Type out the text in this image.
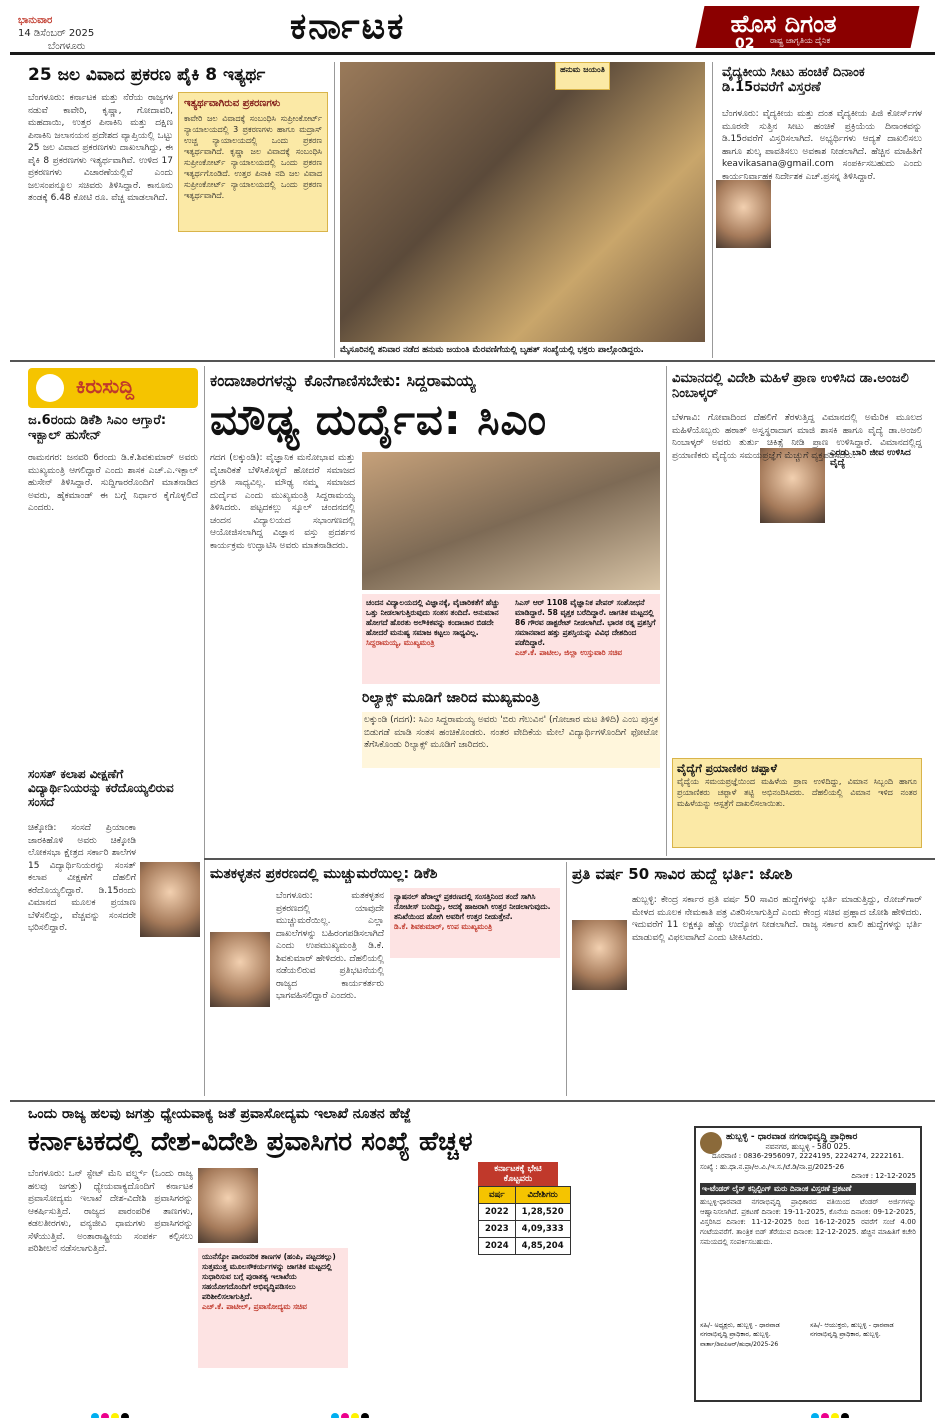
ಭಾನುವಾರ
14 ಡಿಸೆಂಬರ್ 2025
ಬೆಂಗಳೂರು	ಕರ್ನಾಟಕ	ಹೊಸ ದಿಗಂತ
02 ರಾಷ್ಟ್ರ ಜಾಗೃತಿಯ ದೈನಿಕ
25 ಜಲ ವಿವಾದ ಪ್ರಕರಣ ಪೈಕಿ 8 ಇತ್ಯರ್ಥ
ಇತ್ಯರ್ಥವಾಗಿರುವ ಪ್ರಕರಣಗಳು
ಕಾವೇರಿ ಜಲ ವಿವಾದಕ್ಕೆ ಸಂಬಂಧಿಸಿ ಸುಪ್ರೀಂಕೋರ್ಟ್ ನ್ಯಾಯಾಲಯದಲ್ಲಿ 3 ಪ್ರಕರಣಗಳು ಹಾಗೂ ಮದ್ರಾಸ್ ಉಚ್ಚ ನ್ಯಾಯಾಲಯದಲ್ಲಿ ಒಂದು ಪ್ರಕರಣ ಇತ್ಯರ್ಥವಾಗಿದೆ. ಕೃಷ್ಣಾ ಜಲ ವಿವಾದಕ್ಕೆ ಸಂಬಂಧಿಸಿ ಸುಪ್ರೀಂಕೋರ್ಟ್ ನ್ಯಾಯಾಲಯದಲ್ಲಿ ಒಂದು ಪ್ರಕರಣ ಇತ್ಯರ್ಥಗೊಂಡಿದೆ. ಉತ್ತರ ಪಿನಾಕಿ ನದಿ ಜಲ ವಿವಾದ ಸುಪ್ರೀಂಕೋರ್ಟ್ ನ್ಯಾಯಾಲಯದಲ್ಲಿ ಒಂದು ಪ್ರಕರಣ ಇತ್ಯರ್ಥವಾಗಿದೆ.
ಬೆಂಗಳೂರು: ಕರ್ನಾಟಕ ಮತ್ತು ನೆರೆಯ ರಾಜ್ಯಗಳ ನಡುವೆ ಕಾವೇರಿ, ಕೃಷ್ಣಾ, ಗೋದಾವರಿ, ಮಹದಾಯಿ, ಉತ್ತರ ಪಿನಾಕಿನಿ ಮತ್ತು ದಕ್ಷಿಣ ಪಿನಾಕಿನಿ ಜಲಾನಯನ ಪ್ರದೇಶದ ವ್ಯಾಪ್ತಿಯಲ್ಲಿ ಒಟ್ಟು 25 ಜಲ ವಿವಾದ ಪ್ರಕರಣಗಳು ದಾಖಲಾಗಿದ್ದು, ಈ ಪೈಕಿ 8 ಪ್ರಕರಣಗಳು ಇತ್ಯರ್ಥವಾಗಿವೆ. ಉಳಿದ 17 ಪ್ರಕರಣಗಳು ವಿಚಾರಣೆಯಲ್ಲಿವೆ ಎಂದು ಜಲಸಂಪನ್ಮೂಲ ಸಚಿವರು ತಿಳಿಸಿದ್ದಾರೆ. ಕಾನೂನು ತಂಡಕ್ಕೆ 6.48 ಕೋಟಿ ರೂ. ವೆಚ್ಚ ಮಾಡಲಾಗಿದೆ.
ಹನುಮ ಜಯಂತಿ
ಮೈಸೂರಿನಲ್ಲಿ ಶನಿವಾರ ನಡೆದ ಹನುಮ ಜಯಂತಿ ಮೆರವಣಿಗೆಯಲ್ಲಿ ಬೃಹತ್ ಸಂಖ್ಯೆಯಲ್ಲಿ ಭಕ್ತರು ಪಾಲ್ಗೊಂಡಿದ್ದರು.
ವೈದ್ಯಕೀಯ ಸೀಟು ಹಂಚಿಕೆ ದಿನಾಂಕ ಡಿ.15ರವರೆಗೆ ವಿಸ್ತರಣೆ
ಬೆಂಗಳೂರು: ವೈದ್ಯಕೀಯ ಮತ್ತು ದಂತ ವೈದ್ಯಕೀಯ ಪಿಜಿ ಕೋರ್ಸ್‌ಗಳ ಮೂರನೇ ಸುತ್ತಿನ ಸೀಟು ಹಂಚಿಕೆ ಪ್ರಕ್ರಿಯೆಯ ದಿನಾಂಕವನ್ನು ಡಿ.15ರವರೆಗೆ ವಿಸ್ತರಿಸಲಾಗಿದೆ. ಅಭ್ಯರ್ಥಿಗಳು ಆದ್ಯತೆ ದಾಖಲಿಸಲು ಹಾಗೂ ಶುಲ್ಕ ಪಾವತಿಸಲು ಅವಕಾಶ ನೀಡಲಾಗಿದೆ. ಹೆಚ್ಚಿನ ಮಾಹಿತಿಗೆ keavikasana@gmail.com ಸಂಪರ್ಕಿಸಬಹುದು ಎಂದು ಕಾರ್ಯನಿರ್ವಾಹಕ ನಿರ್ದೇಶಕ ಎಚ್.ಪ್ರಸನ್ನ ತಿಳಿಸಿದ್ದಾರೆ.
ಕಿರುಸುದ್ದಿ
ಜ.6ರಂದು ಡಿಕೆಶಿ ಸಿಎಂ ಆಗ್ತಾರೆ: ಇಕ್ಬಾಲ್ ಹುಸೇನ್
ರಾಮನಗರ: ಜನವರಿ 6ರಂದು ಡಿ.ಕೆ.ಶಿವಕುಮಾರ್ ಅವರು ಮುಖ್ಯಮಂತ್ರಿ ಆಗಲಿದ್ದಾರೆ ಎಂದು ಶಾಸಕ ಎಚ್.ಎ.ಇಕ್ಬಾಲ್ ಹುಸೇನ್ ತಿಳಿಸಿದ್ದಾರೆ. ಸುದ್ದಿಗಾರರೊಂದಿಗೆ ಮಾತನಾಡಿದ ಅವರು, ಹೈಕಮಾಂಡ್ ಈ ಬಗ್ಗೆ ನಿರ್ಧಾರ ಕೈಗೊಳ್ಳಲಿದೆ ಎಂದರು.
ಸಂಸತ್ ಕಲಾಪ ವೀಕ್ಷಣೆಗೆ ವಿದ್ಯಾರ್ಥಿನಿಯರನ್ನು ಕರೆದೊಯ್ಯಲಿರುವ ಸಂಸದೆ
ಚಿಕ್ಕೋಡಿ: ಸಂಸದೆ ಪ್ರಿಯಾಂಕಾ ಜಾರಕಿಹೊಳಿ ಅವರು ಚಿಕ್ಕೋಡಿ ಲೋಕಸಭಾ ಕ್ಷೇತ್ರದ ಸರ್ಕಾರಿ ಶಾಲೆಗಳ 15 ವಿದ್ಯಾರ್ಥಿನಿಯರನ್ನು ಸಂಸತ್ ಕಲಾಪ ವೀಕ್ಷಣೆಗೆ ದೆಹಲಿಗೆ ಕರೆದೊಯ್ಯಲಿದ್ದಾರೆ. ಡಿ.15ರಂದು ವಿಮಾನದ ಮೂಲಕ ಪ್ರಯಾಣ ಬೆಳೆಸಲಿದ್ದು, ವೆಚ್ಚವನ್ನು ಸಂಸದರೇ ಭರಿಸಲಿದ್ದಾರೆ.
ಕಂದಾಚಾರಗಳನ್ನು ಕೊನೆಗಾಣಿಸಬೇಕು: ಸಿದ್ದರಾಮಯ್ಯ
ಮೌಢ್ಯ ದುರ್ದೈವ: ಸಿಎಂ
ಗದಗ (ಲಕ್ಕುಂಡಿ): ವೈಜ್ಞಾನಿಕ ಮನೋಭಾವ ಮತ್ತು ವೈಚಾರಿಕತೆ ಬೆಳೆಸಿಕೊಳ್ಳದೆ ಹೋದರೆ ಸಮಾಜದ ಪ್ರಗತಿ ಸಾಧ್ಯವಿಲ್ಲ. ಮೌಢ್ಯ ನಮ್ಮ ಸಮಾಜದ ದುರ್ದೈವ ಎಂದು ಮುಖ್ಯಮಂತ್ರಿ ಸಿದ್ದರಾಮಯ್ಯ ತಿಳಿಸಿದರು. ಪಟ್ಟದಕಲ್ಲು ಸ್ಕೂಲ್ ಚಂದನದಲ್ಲಿ ಚಂದನ ವಿದ್ಯಾಲಯದ ಸಭಾಂಗಣದಲ್ಲಿ ಆಯೋಜಿಸಲಾಗಿದ್ದ ವಿಜ್ಞಾನ ವಸ್ತು ಪ್ರದರ್ಶನ ಕಾರ್ಯಕ್ರಮ ಉದ್ಘಾಟಿಸಿ ಅವರು ಮಾತನಾಡಿದರು.
ಚಂದನ ವಿದ್ಯಾಲಯದಲ್ಲಿ ವಿಜ್ಞಾನಕ್ಕೆ, ವೈಚಾರಿಕತೆಗೆ ಹೆಚ್ಚು ಒತ್ತು ನೀಡಲಾಗುತ್ತಿರುವುದು ಸಂತಸ ತಂದಿದೆ. ಅನುಮಾನ ಹೋಗದೆ ಹೊರತು ಅಲೌಕಿಕವನ್ನು ಕಂದಾಚಾರ ಬಿಡದೇ ಹೋದರೆ ಮನುಷ್ಯ ಸಮಾಜ ಕಟ್ಟಲು ಸಾಧ್ಯವಿಲ್ಲ.
ಸಿದ್ದರಾಮಯ್ಯ, ಮುಖ್ಯಮಂತ್ರಿ
ಸಿಎಸ್ ಆರ್ 1108 ವೈಜ್ಞಾನಿಕ ಪೇಪರ್ ಸಂಶೋಧನೆ ಮಾಡಿದ್ದಾರೆ. 58 ವೃತ್ತಕ ಬರೆದಿದ್ದಾರೆ. ಜಾಗತಿಕ ಮಟ್ಟದಲ್ಲಿ 86 ಗೌರವ ಡಾಕ್ಟರೇಟ್ ನೀಡಲಾಗಿದೆ. ಭಾರತ ರತ್ನ ಪ್ರಶಸ್ತಿಗೆ ಸಮಾನವಾದ ಹತ್ತು ಪ್ರಶಸ್ತಿಯನ್ನು ವಿವಿಧ ದೇಶದಿಂದ ಪಡೆದಿದ್ದಾರೆ.
ಎಚ್.ಕೆ. ಪಾಟೀಲ, ಜಿಲ್ಲಾ ಉಸ್ತುವಾರಿ ಸಚಿವ
ರಿಲ್ಯಾಕ್ಸ್ ಮೂಡಿಗೆ ಜಾರಿದ ಮುಖ್ಯಮಂತ್ರಿ
ಲಕ್ಕುಂಡಿ (ಗದಗ): ಸಿಎಂ ಸಿದ್ದರಾಮಯ್ಯ ಅವರು 'ಬಿರು ಗೆಲುವಿನ' (ಗೋಚಾರ ಮಟ ತಿಳಿದಿ) ಎಂಬ ಪುಸ್ತಕ ಬಿಡುಗಡೆ ಮಾಡಿ ಸಂತಸ ಹಂಚಿಕೊಂಡರು. ನಂತರ ವೇದಿಕೆಯ ಮೇಲೆ ವಿದ್ಯಾರ್ಥಿಗಳೊಂದಿಗೆ ಫೋಟೋ ತೆಗೆಸಿಕೊಂಡು ರಿಲ್ಯಾಕ್ಸ್ ಮೂಡಿಗೆ ಜಾರಿದರು.
ವಿಮಾನದಲ್ಲಿ ವಿದೇಶಿ ಮಹಿಳೆ ಪ್ರಾಣ ಉಳಿಸಿದ ಡಾ.ಅಂಜಲಿ ನಿಂಬಾಳ್ಕರ್
ಎರಡು ಬಾರಿ ಜೀವ ಉಳಿಸಿದ ವೈದ್ಯೆ
ಬೆಳಗಾವಿ: ಗೋವಾದಿಂದ ದೆಹಲಿಗೆ ತೆರಳುತ್ತಿದ್ದ ವಿಮಾನದಲ್ಲಿ ಅಮೆರಿಕ ಮೂಲದ ಮಹಿಳೆಯೊಬ್ಬರು ಹಠಾತ್ ಅಸ್ವಸ್ಥರಾದಾಗ ಮಾಜಿ ಶಾಸಕಿ ಹಾಗೂ ವೈದ್ಯೆ ಡಾ.ಅಂಜಲಿ ನಿಂಬಾಳ್ಕರ್ ಅವರು ತುರ್ತು ಚಿಕಿತ್ಸೆ ನೀಡಿ ಪ್ರಾಣ ಉಳಿಸಿದ್ದಾರೆ. ವಿಮಾನದಲ್ಲಿದ್ದ ಪ್ರಯಾಣಿಕರು ವೈದ್ಯೆಯ ಸಮಯಪ್ರಜ್ಞೆಗೆ ಮೆಚ್ಚುಗೆ ವ್ಯಕ್ತಪಡಿಸಿದರು.
ವೈದ್ಯೆಗೆ ಪ್ರಯಾಣಿಕರ ಚಪ್ಪಾಳೆ
ವೈದ್ಯೆಯ ಸಮಯಪ್ರಜ್ಞೆಯಿಂದ ಮಹಿಳೆಯ ಪ್ರಾಣ ಉಳಿದಿದ್ದು, ವಿಮಾನ ಸಿಬ್ಬಂದಿ ಹಾಗೂ ಪ್ರಯಾಣಿಕರು ಚಪ್ಪಾಳೆ ತಟ್ಟಿ ಅಭಿನಂದಿಸಿದರು. ದೆಹಲಿಯಲ್ಲಿ ವಿಮಾನ ಇಳಿದ ನಂತರ ಮಹಿಳೆಯನ್ನು ಆಸ್ಪತ್ರೆಗೆ ದಾಖಲಿಸಲಾಯಿತು.
ಮತಕಳ್ಳತನ ಪ್ರಕರಣದಲ್ಲಿ ಮುಚ್ಚುಮರೆಯಿಲ್ಲ: ಡಿಕೆಶಿ
ನ್ಯಾಷನಲ್ ಹೆರಾಲ್ಡ್ ಪ್ರಕರಣದಲ್ಲಿ ಸಂಸತ್ತಿನಿಂದ ತಂದೆ ಸಾಗಿಸಿ ನೋಟೀಸ್ ಬಂದಿದ್ದು, ಅದಕ್ಕೆ ಹಾಜರಾಗಿ ಉತ್ತರ ನೀಡಲಾಗುವುದು. ತನಿಖೆಯಿಂದ ಹೋಗಿ ಅವರಿಗೆ ಉತ್ತರ ನೀಡುತ್ತೇನೆ.
ಡಿ.ಕೆ. ಶಿವಕುಮಾರ್, ಉಪ ಮುಖ್ಯಮಂತ್ರಿ
ಬೆಂಗಳೂರು: ಮತಕಳ್ಳತನ ಪ್ರಕರಣದಲ್ಲಿ ಯಾವುದೇ ಮುಚ್ಚುಮರೆಯಿಲ್ಲ. ಎಲ್ಲಾ ದಾಖಲೆಗಳನ್ನು ಬಹಿರಂಗಪಡಿಸಲಾಗಿದೆ ಎಂದು ಉಪಮುಖ್ಯಮಂತ್ರಿ ಡಿ.ಕೆ. ಶಿವಕುಮಾರ್ ಹೇಳಿದರು. ದೆಹಲಿಯಲ್ಲಿ ನಡೆಯಲಿರುವ ಪ್ರತಿಭಟನೆಯಲ್ಲಿ ರಾಜ್ಯದ ಕಾರ್ಯಕರ್ತರು ಭಾಗವಹಿಸಲಿದ್ದಾರೆ ಎಂದರು.
ಪ್ರತಿ ವರ್ಷ 50 ಸಾವಿರ ಹುದ್ದೆ ಭರ್ತಿ: ಜೋಶಿ
ಹುಬ್ಬಳ್ಳಿ: ಕೇಂದ್ರ ಸರ್ಕಾರ ಪ್ರತಿ ವರ್ಷ 50 ಸಾವಿರ ಹುದ್ದೆಗಳನ್ನು ಭರ್ತಿ ಮಾಡುತ್ತಿದ್ದು, ರೋಜ್‌ಗಾರ್ ಮೇಳದ ಮೂಲಕ ನೇಮಕಾತಿ ಪತ್ರ ವಿತರಿಸಲಾಗುತ್ತಿದೆ ಎಂದು ಕೇಂದ್ರ ಸಚಿವ ಪ್ರಹ್ಲಾದ ಜೋಶಿ ಹೇಳಿದರು. ಇದುವರೆಗೆ 11 ಲಕ್ಷಕ್ಕೂ ಹೆಚ್ಚು ಉದ್ಯೋಗ ನೀಡಲಾಗಿದೆ. ರಾಜ್ಯ ಸರ್ಕಾರ ಖಾಲಿ ಹುದ್ದೆಗಳನ್ನು ಭರ್ತಿ ಮಾಡುವಲ್ಲಿ ವಿಫಲವಾಗಿದೆ ಎಂದು ಟೀಕಿಸಿದರು.
ಒಂದು ರಾಜ್ಯ ಹಲವು ಜಗತ್ತು ಧ್ಯೇಯವಾಕ್ಯ ಜತೆ ಪ್ರವಾಸೋದ್ಯಮ ಇಲಾಖೆ ನೂತನ ಹೆಜ್ಜೆ
ಕರ್ನಾಟಕದಲ್ಲಿ ದೇಶ-ವಿದೇಶಿ ಪ್ರವಾಸಿಗರ ಸಂಖ್ಯೆ ಹೆಚ್ಚಳ
ಬೆಂಗಳೂರು: ಒನ್ ಸ್ಟೇಟ್ ಮೆನಿ ವರ್ಲ್ಡ್ಸ್ (ಒಂದು ರಾಜ್ಯ ಹಲವು ಜಗತ್ತು) ಧ್ಯೇಯವಾಕ್ಯದೊಂದಿಗೆ ಕರ್ನಾಟಕ ಪ್ರವಾಸೋದ್ಯಮ ಇಲಾಖೆ ದೇಶ-ವಿದೇಶಿ ಪ್ರವಾಸಿಗರನ್ನು ಆಕರ್ಷಿಸುತ್ತಿದೆ. ರಾಜ್ಯದ ಪಾರಂಪರಿಕ ತಾಣಗಳು, ಕಡಲತೀರಗಳು, ವನ್ಯಜೀವಿ ಧಾಮಗಳು ಪ್ರವಾಸಿಗರನ್ನು ಸೆಳೆಯುತ್ತಿವೆ. ಅಂತಾರಾಷ್ಟ್ರೀಯ ಸಂಪರ್ಕ ಕಲ್ಪಿಸಲು ಪರಿಶೀಲನೆ ನಡೆಸಲಾಗುತ್ತಿದೆ.
ಯುನೆಸ್ಕೋ ಪಾರಂಪರಿಕ ತಾಣಗಳ (ಹಂಪಿ, ಪಟ್ಟದಕಲ್ಲು) ಸುತ್ತಮುತ್ತ ಮೂಲಸೌಕರ್ಯಗಳನ್ನು ಜಾಗತಿಕ ಮಟ್ಟದಲ್ಲಿ ಸುಧಾರಿಸುವ ಬಗ್ಗೆ ಪುರಾತತ್ವ ಇಲಾಖೆಯ ಸಹಯೋಗದೊಂದಿಗೆ ಅಭಿವೃದ್ಧಿಪಡಿಸಲು ಪರಿಶೀಲಿಸಲಾಗುತ್ತಿದೆ.
ಎಚ್.ಕೆ. ಪಾಟೀಲ್, ಪ್ರವಾಸೋದ್ಯಮ ಸಚಿವ
ಕರ್ನಾಟಕಕ್ಕೆ ಭೇಟಿ ಕೊಟ್ಟವರು
ವರ್ಷ	ವಿದೇಶಿಗರು
2022	1,28,520
2023	4,09,333
2024	4,85,204
ಹುಬ್ಬಳ್ಳಿ - ಧಾರವಾಡ ನಗರಾಭಿವೃದ್ಧಿ ಪ್ರಾಧಿಕಾರ
ನವನಗರ, ಹುಬ್ಬಳ್ಳಿ - 580 025.
ದೂರವಾಣಿ : 0836-2956097, 2224195, 2224274, 2222161.
ಸಂಖ್ಯೆ : ಹು.ಧಾ.ನ.ಪ್ರಾ/ಅ.ವಿ./ಇ.ಸ./ಟೆ.ಡಿ/ನಾ.ಪ್ರ/2025-26
ದಿನಾಂಕ : 12-12-2025
ಇ-ಟೆಂಡರ್ ಲೈನ್ ಕನ್ಸಿಲ್ಟಿಂಗ್ ಮರು ದಿನಾಂಕ ವಿಸ್ತರಣೆ ಪ್ರಕಟಣೆ
ಹುಬ್ಬಳ್ಳಿ-ಧಾರವಾಡ ನಗರಾಭಿವೃದ್ಧಿ ಪ್ರಾಧಿಕಾರದ ವತಿಯಿಂದ ಟೆಂಡರ್ ಅರ್ಜಿಗಳನ್ನು ಆಹ್ವಾನಿಸಲಾಗಿದೆ. ಪ್ರಕಟಣೆ ದಿನಾಂಕ: 19-11-2025, ಕೊನೆಯ ದಿನಾಂಕ: 09-12-2025, ವಿಸ್ತರಿಸಿದ ದಿನಾಂಕ: 11-12-2025 ರಿಂದ 16-12-2025 ರವರೆಗೆ ಸಂಜೆ 4.00 ಗಂಟೆಯವರೆಗೆ. ತಾಂತ್ರಿಕ ಬಿಡ್ ತೆರೆಯುವ ದಿನಾಂಕ: 12-12-2025. ಹೆಚ್ಚಿನ ಮಾಹಿತಿಗೆ ಕಚೇರಿ ಸಮಯದಲ್ಲಿ ಸಂಪರ್ಕಿಸಬಹುದು.
ಸಹಿ/- ಅಧ್ಯಕ್ಷರು, ಹುಬ್ಬಳ್ಳಿ - ಧಾರವಾಡ ನಗರಾಭಿವೃದ್ಧಿ ಪ್ರಾಧಿಕಾರ, ಹುಬ್ಬಳ್ಳಿ.
ಸಹಿ/- ಆಯುಕ್ತರು, ಹುಬ್ಬಳ್ಳಿ - ಧಾರವಾಡ ನಗರಾಭಿವೃದ್ಧಿ ಪ್ರಾಧಿಕಾರ, ಹುಬ್ಬಳ್ಳಿ.
ವಾರ್ತಾ/ಡಿಐಪಿಆರ್/ಹುಧಾ/2025-26
